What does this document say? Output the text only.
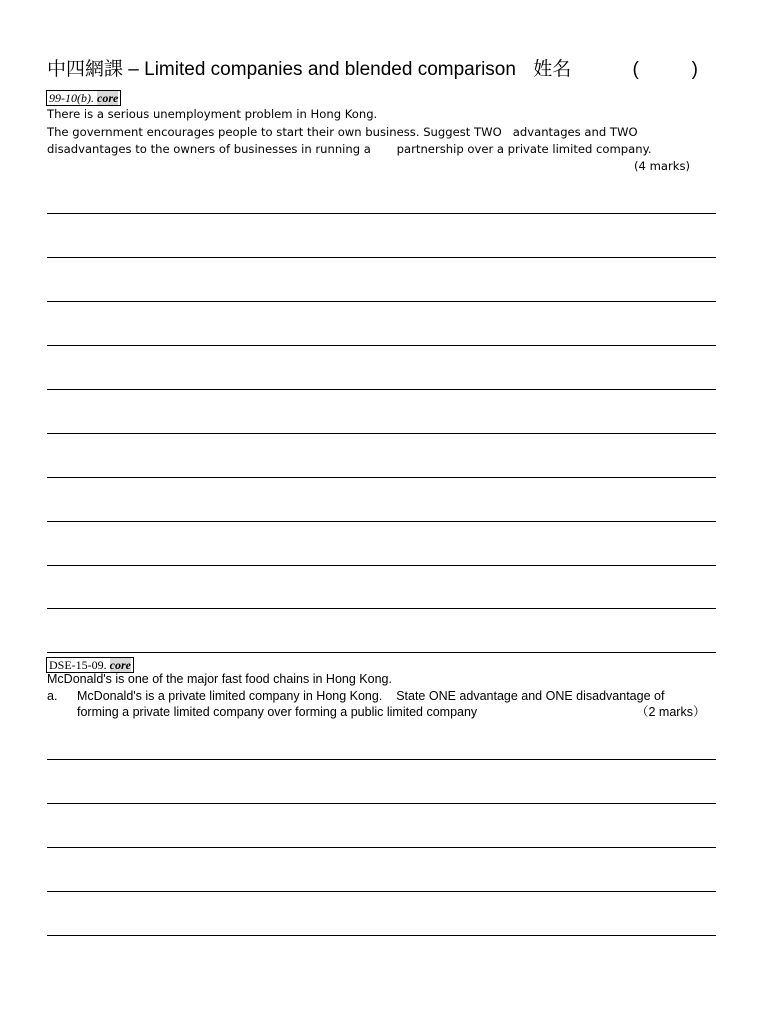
中四網課 – Limited companies and blended comparison 姓名	(          )
99-10(b). core
There is a serious unemployment problem in Hong Kong.
The government encourages people to start their own business. Suggest TWO   advantages and TWO
disadvantages to the owners of businesses in running a       partnership over a private limited company.
(4 marks)
DSE-15-09. core
McDonald's is one of the major fast food chains in Hong Kong.
a. McDonald's is a private limited company in Hong Kong.    State ONE advantage and ONE disadvantage of
forming a private limited company over forming a public limited company	（2 marks）
